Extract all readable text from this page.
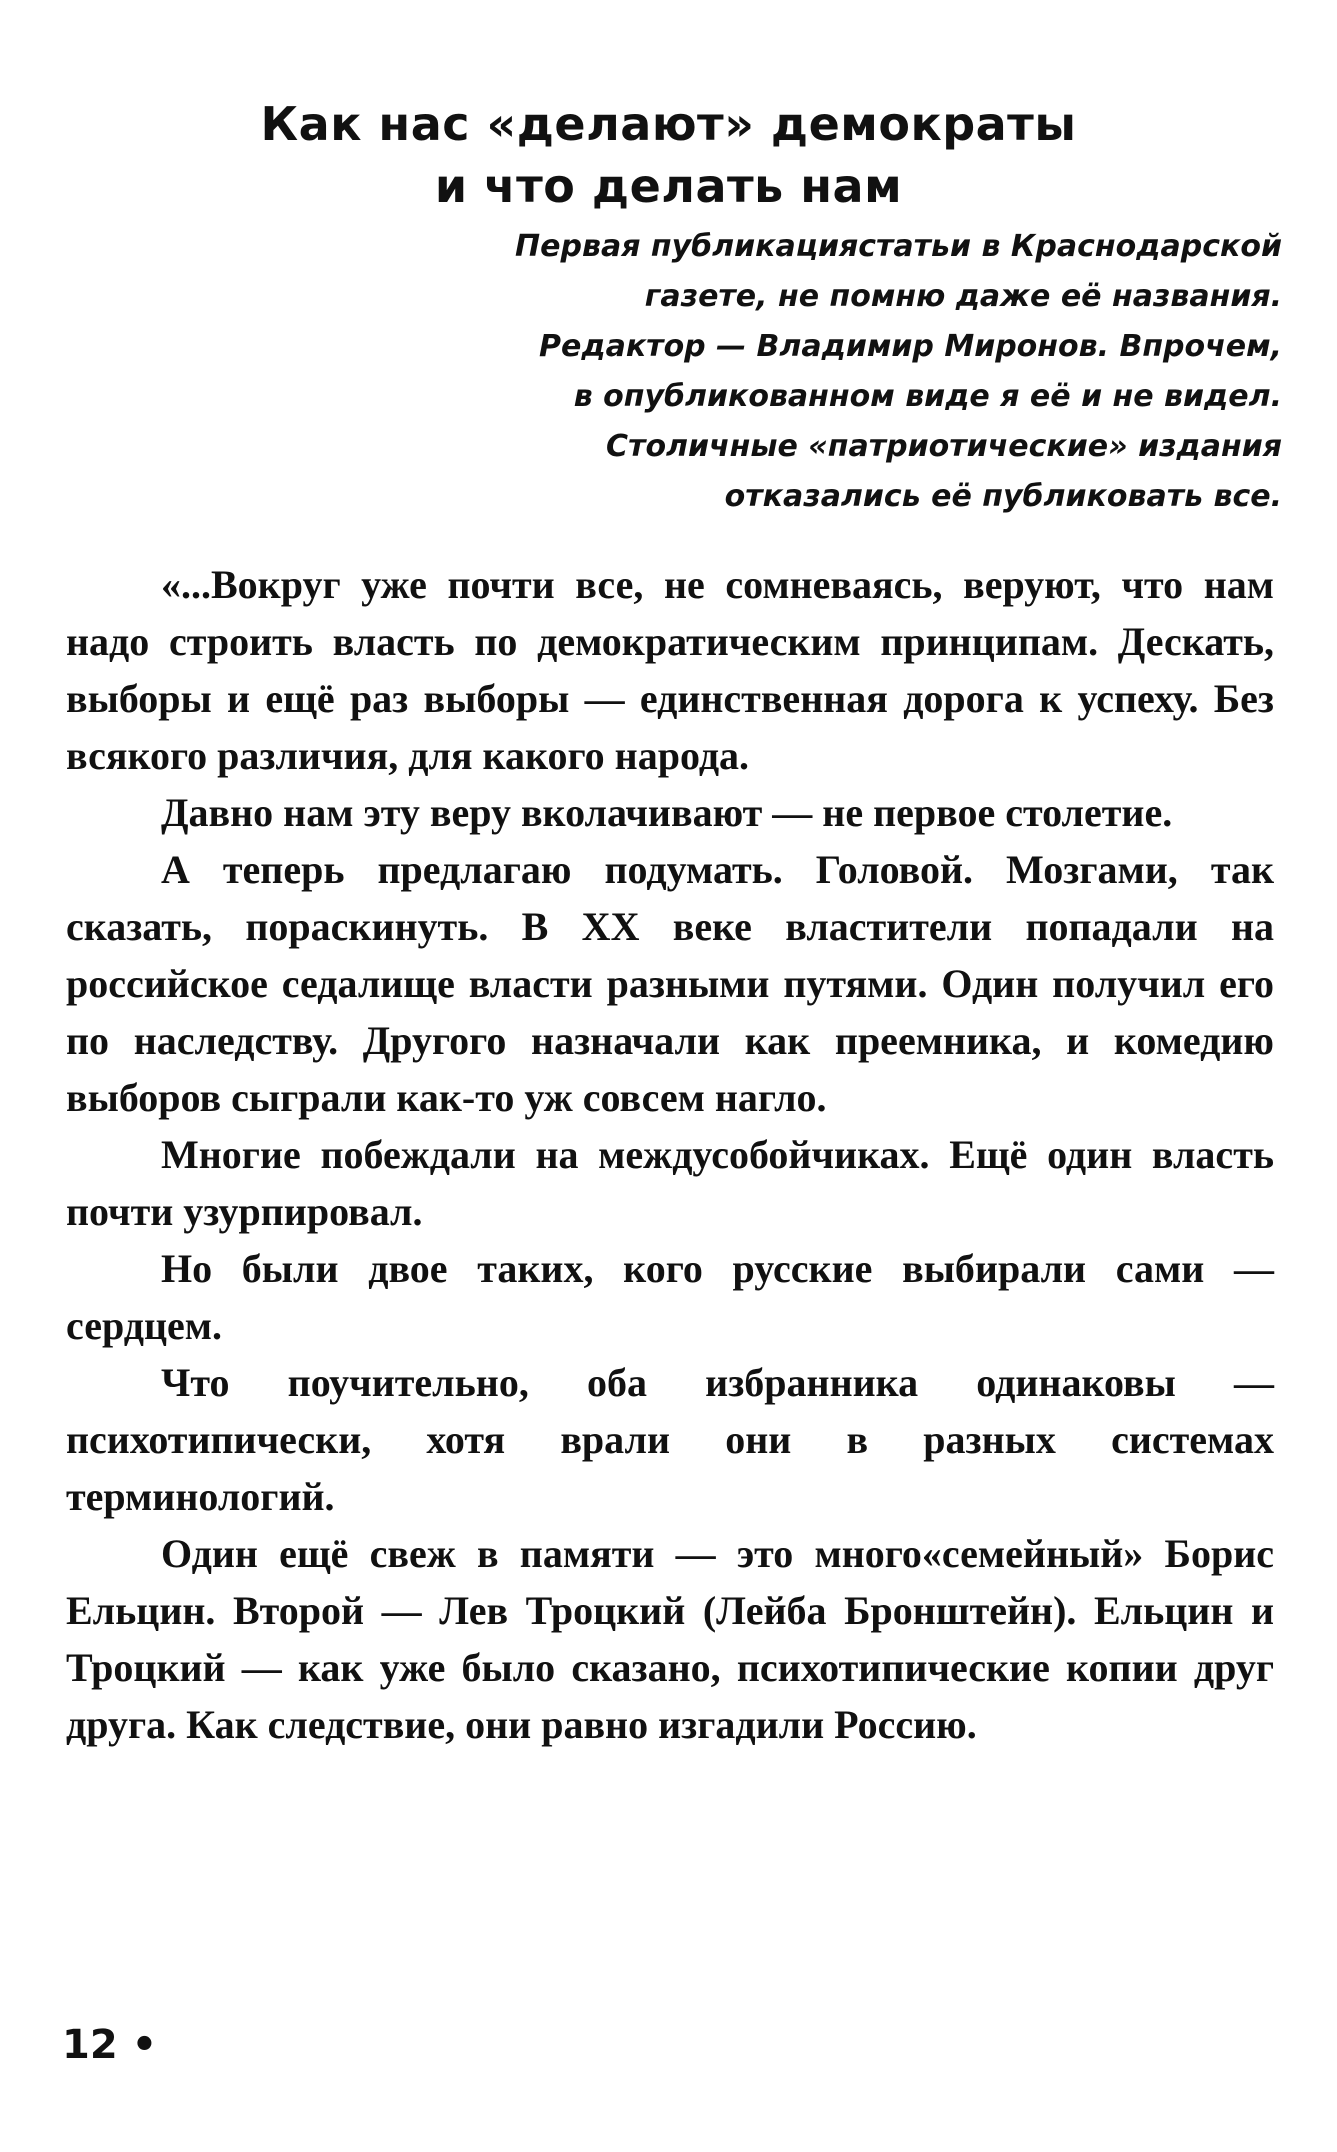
Как нас «делают» демократы
и что делать нам
Первая публикацияcтатьи в Краснодарской
газете, не помню даже её названия.
Редактор — Владимир Миронов. Впрочем,
в опубликованном виде я её и не видел.
Столичные «патриотические» издания
отказались её публиковать все.

«...Вокруг уже почти все, не сомневаясь, веруют, что нам надо строить власть по демократическим принципам. Дескать, выборы и ещё раз выборы — единственная дорога к успеху. Без всякого различия, для какого народа.

Давно нам эту веру вколачивают — не первое столетие.

А теперь предлагаю подумать. Головой. Мозгами, так сказать, пораскинуть. В XX веке властители попадали на российское седалище власти разными путями. Один получил его по наследству. Другого назначали как преемника, и комедию выборов сыграли как-то уж совсем нагло.

Многие побеждали на междусобойчиках. Ещё один власть почти узурпировал.

Но были двое таких, кого русские выбирали сами — сердцем.

Что поучительно, оба избранника одинаковы — психотипически, хотя врали они в разных системах терминологий.

Один ещё свеж в памяти — это много«семейный» Борис Ельцин. Второй — Лев Троцкий (Лейба Бронштейн). Ельцин и Троцкий — как уже было сказано, психотипические копии друг друга. Как следствие, они равно изгадили Россию.

12 •
